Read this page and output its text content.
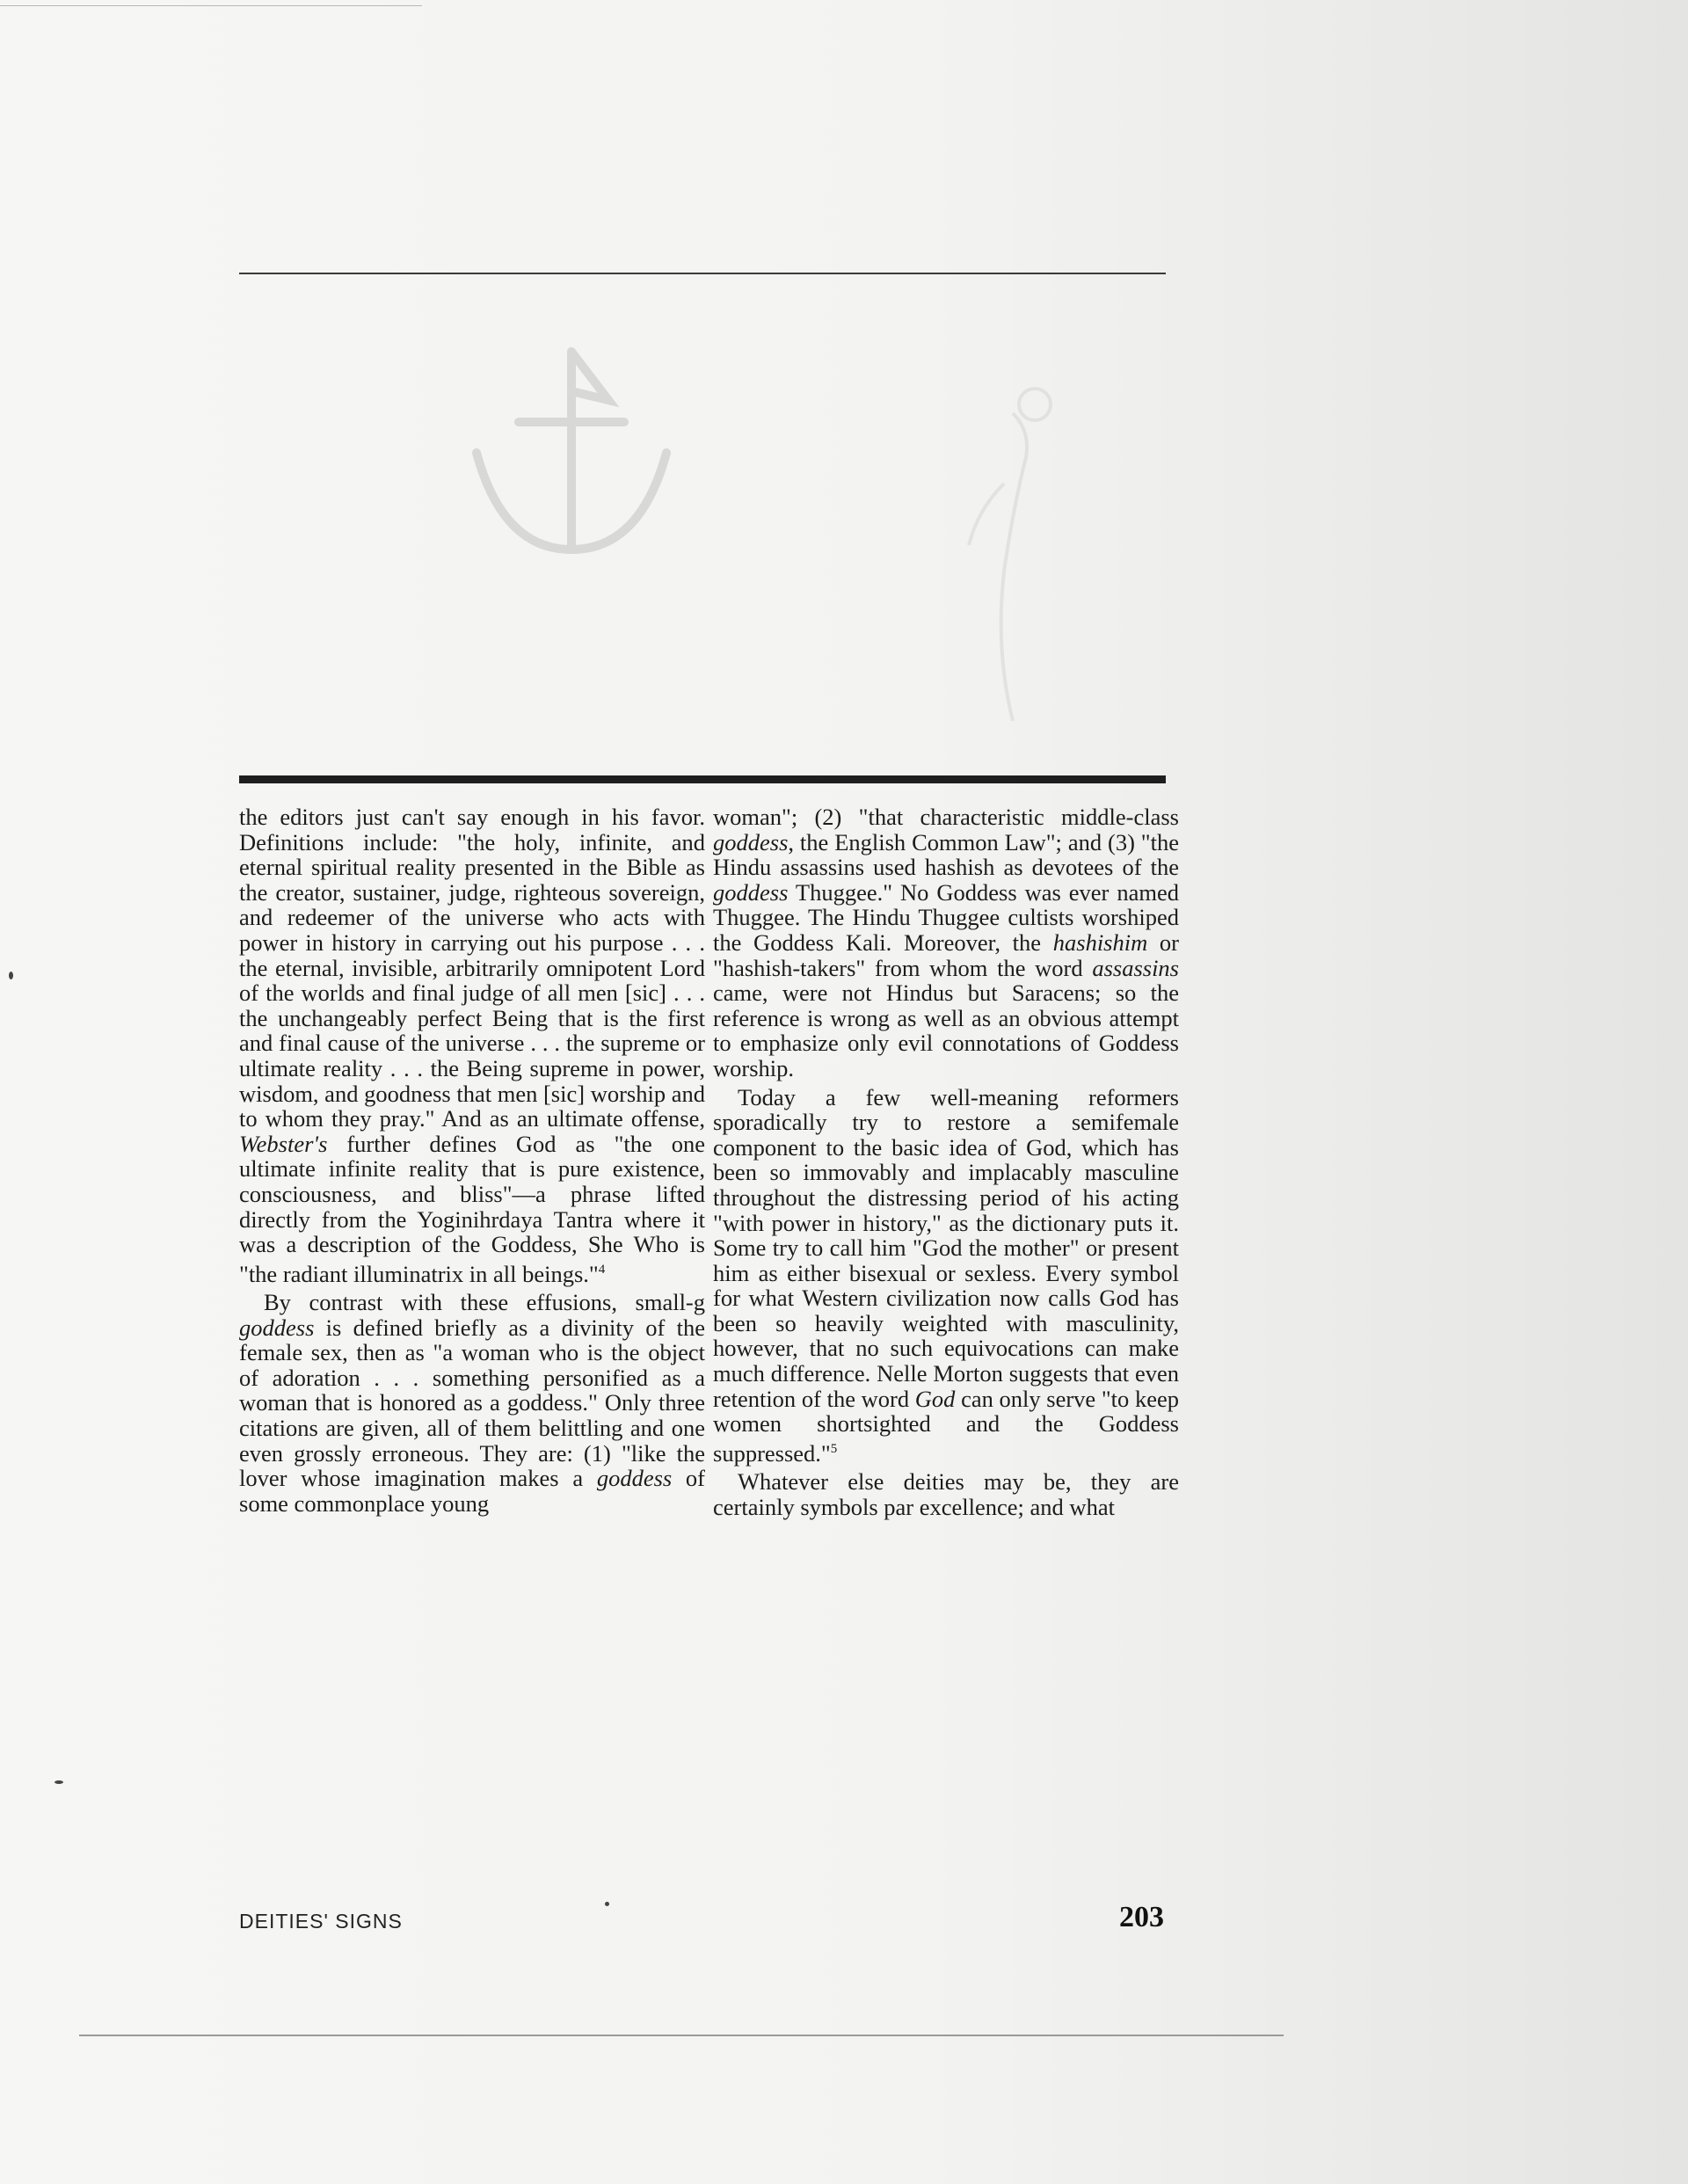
the editors just can't say enough in his favor. Definitions include: "the holy, infinite, and eternal spiritual reality presented in the Bible as the creator, sustainer, judge, righteous sovereign, and redeemer of the universe who acts with power in history in carrying out his purpose . . . the eternal, invisible, arbitrarily omnipotent Lord of the worlds and final judge of all men [sic] . . . the unchangeably perfect Being that is the first and final cause of the universe . . . the supreme or ultimate reality . . . the Being supreme in power, wisdom, and goodness that men [sic] worship and to whom they pray." And as an ultimate offense, Webster's further defines God as "the one ultimate infinite reality that is pure existence, consciousness, and bliss"—a phrase lifted directly from the Yoginihrdaya Tantra where it was a description of the Goddess, She Who is "the radiant illuminatrix in all beings."$^4$

By contrast with these effusions, small-g goddess is defined briefly as a divinity of the female sex, then as "a woman who is the object of adoration . . . something personified as a woman that is honored as a goddess." Only three citations are given, all of them belittling and one even grossly erroneous. They are: (1) "like the lover whose imagination makes a goddess of some commonplace young

woman"; (2) "that characteristic middle-class goddess, the English Common Law"; and (3) "the Hindu assassins used hashish as devotees of the goddess Thuggee." No Goddess was ever named Thuggee. The Hindu Thuggee cultists worshiped the Goddess Kali. Moreover, the hashishim or "hashish-takers" from whom the word assassins came, were not Hindus but Saracens; so the reference is wrong as well as an obvious attempt to emphasize only evil connotations of Goddess worship.

Today a few well-meaning reformers sporadically try to restore a semifemale component to the basic idea of God, which has been so immovably and implacably masculine throughout the distressing period of his acting "with power in history," as the dictionary puts it. Some try to call him "God the mother" or present him as either bisexual or sexless. Every symbol for what Western civilization now calls God has been so heavily weighted with masculinity, however, that no such equivocations can make much difference. Nelle Morton suggests that even retention of the word God can only serve "to keep women shortsighted and the Goddess suppressed."$^5$

Whatever else deities may be, they are certainly symbols par excellence; and what

DEITIES' SIGNS	203
